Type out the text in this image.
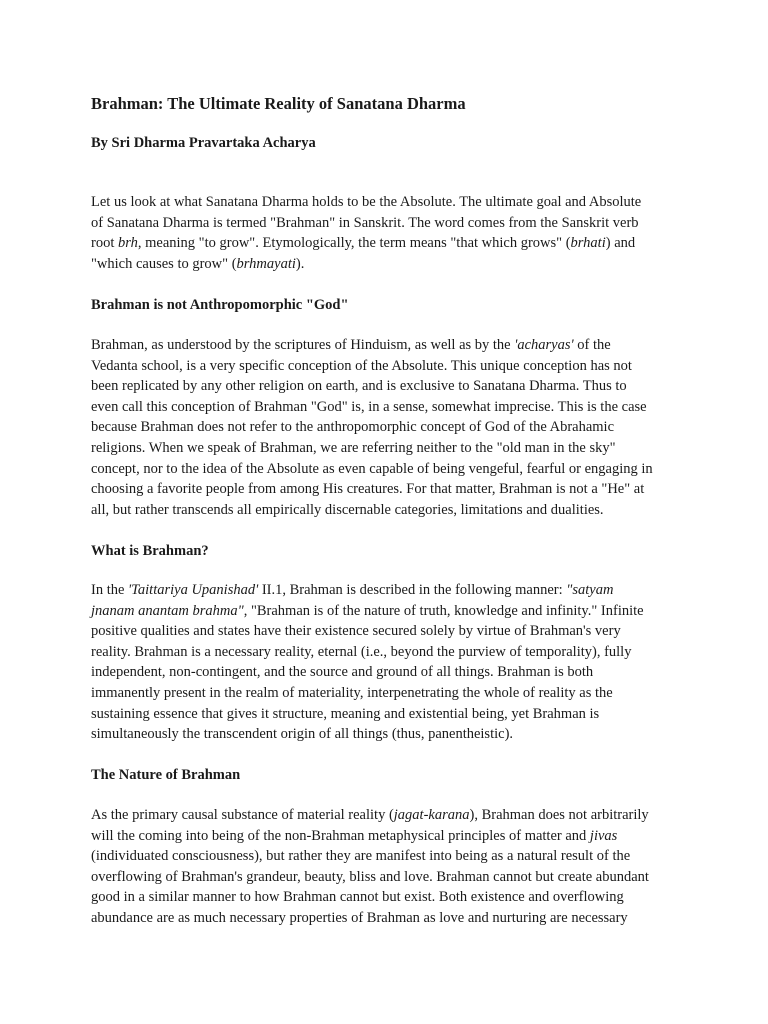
Brahman: The Ultimate Reality of Sanatana Dharma
By Sri Dharma Pravartaka Acharya
Let us look at what Sanatana Dharma holds to be the Absolute. The ultimate goal and Absolute
of Sanatana Dharma is termed "Brahman" in Sanskrit. The word comes from the Sanskrit verb
root brh, meaning "to grow". Etymologically, the term means "that which grows" (brhati) and
"which causes to grow" (brhmayati).
Brahman is not Anthropomorphic "God"
Brahman, as understood by the scriptures of Hinduism, as well as by the 'acharyas' of the
Vedanta school, is a very specific conception of the Absolute. This unique conception has not
been replicated by any other religion on earth, and is exclusive to Sanatana Dharma. Thus to
even call this conception of Brahman "God" is, in a sense, somewhat imprecise. This is the case
because Brahman does not refer to the anthropomorphic concept of God of the Abrahamic
religions. When we speak of Brahman, we are referring neither to the "old man in the sky"
concept, nor to the idea of the Absolute as even capable of being vengeful, fearful or engaging in
choosing a favorite people from among His creatures. For that matter, Brahman is not a "He" at
all, but rather transcends all empirically discernable categories, limitations and dualities.
What is Brahman?
In the 'Taittariya Upanishad' II.1, Brahman is described in the following manner: "satyam
jnanam anantam brahma", "Brahman is of the nature of truth, knowledge and infinity." Infinite
positive qualities and states have their existence secured solely by virtue of Brahman's very
reality. Brahman is a necessary reality, eternal (i.e., beyond the purview of temporality), fully
independent, non-contingent, and the source and ground of all things. Brahman is both
immanently present in the realm of materiality, interpenetrating the whole of reality as the
sustaining essence that gives it structure, meaning and existential being, yet Brahman is
simultaneously the transcendent origin of all things (thus, panentheistic).
The Nature of Brahman
As the primary causal substance of material reality (jagat-karana), Brahman does not arbitrarily
will the coming into being of the non-Brahman metaphysical principles of matter and jivas
(individuated consciousness), but rather they are manifest into being as a natural result of the
overflowing of Brahman's grandeur, beauty, bliss and love. Brahman cannot but create abundant
good in a similar manner to how Brahman cannot but exist. Both existence and overflowing
abundance are as much necessary properties of Brahman as love and nurturing are necessary
